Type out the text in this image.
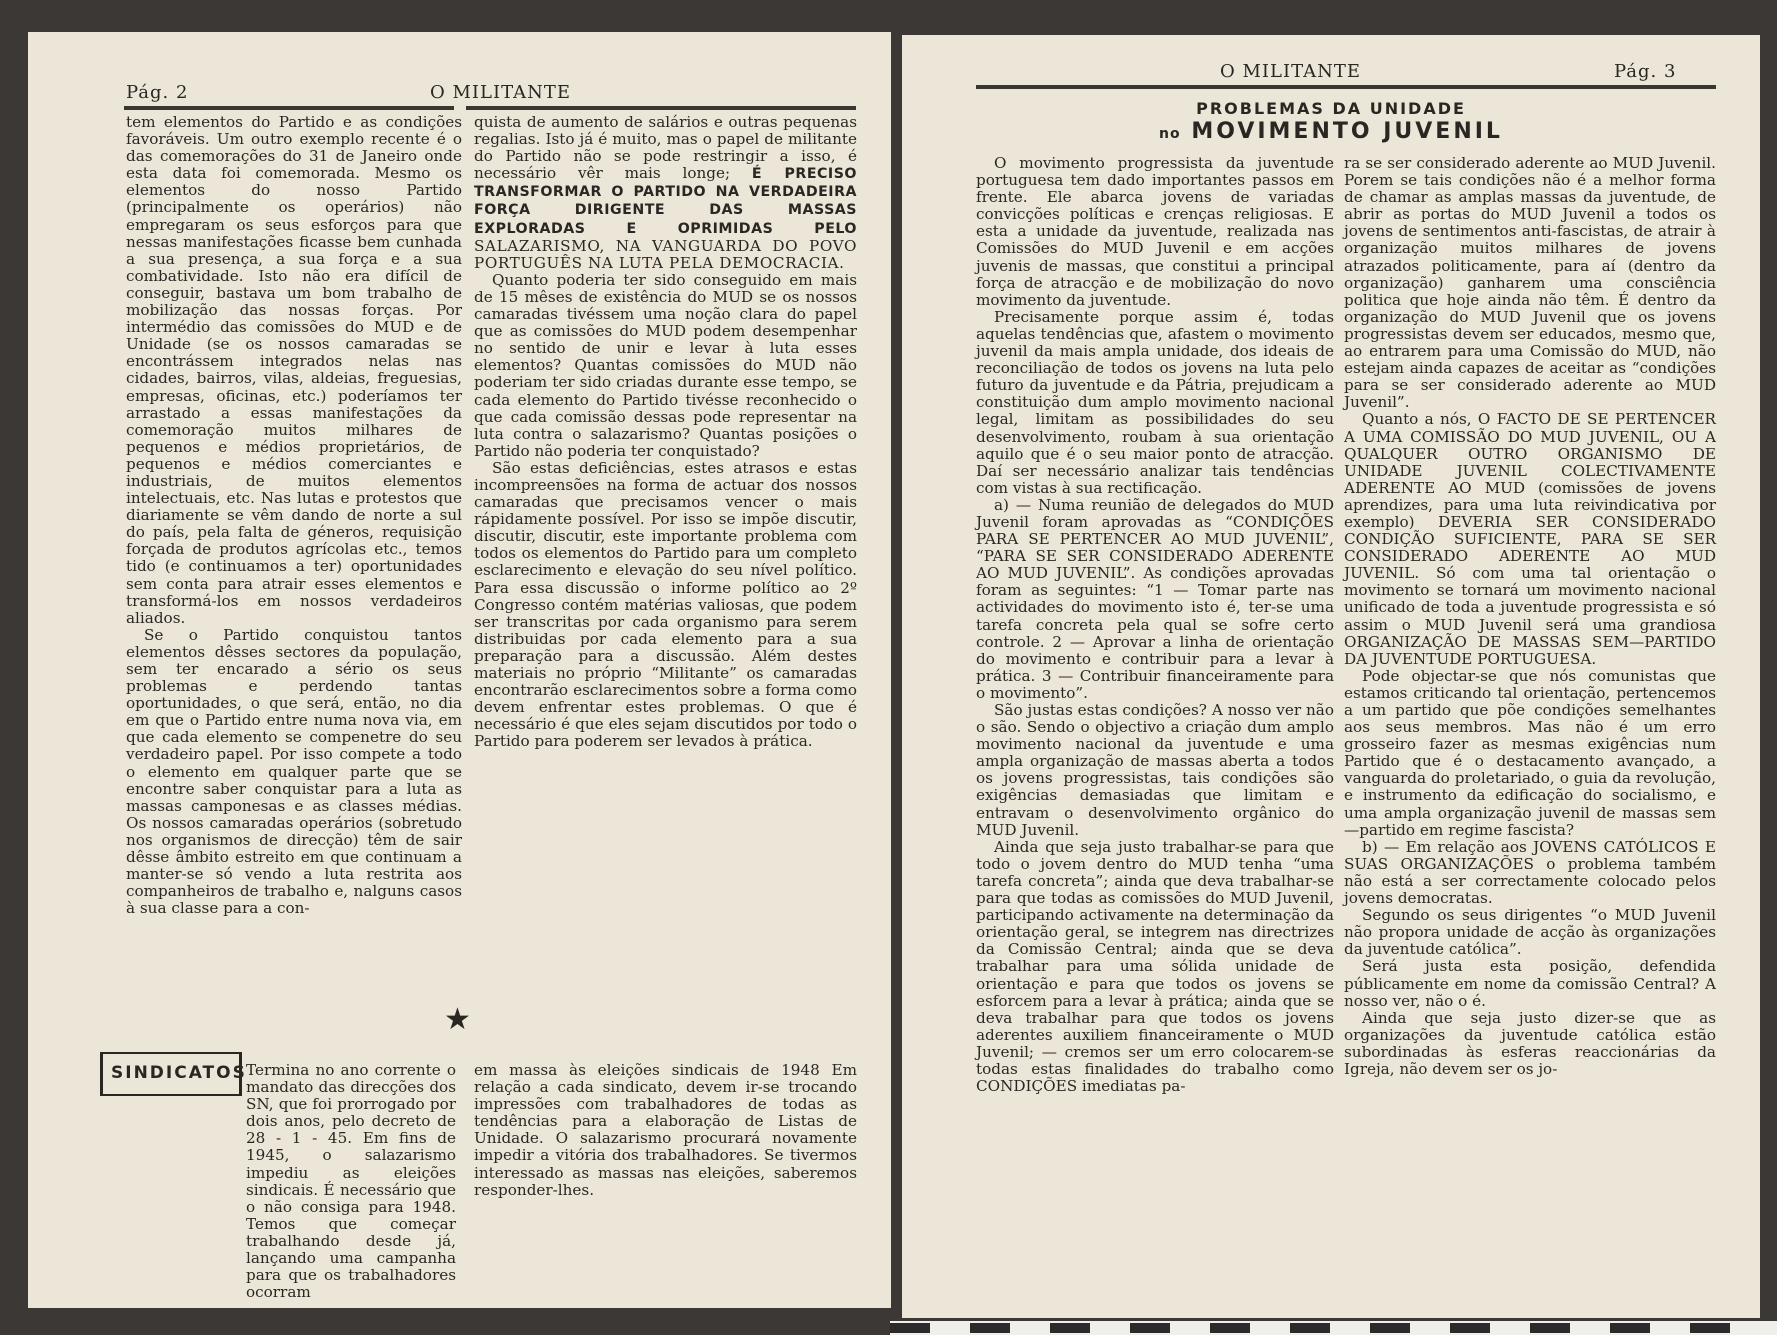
Pág. 2	O MILITANTE

tem elementos do Partido e as condições favoráveis. Um outro exemplo recente é o das comemorações do 31 de Janeiro onde esta data foi comemorada. Mesmo os elementos do nosso Partido (principalmente os operários) não empregaram os seus esforços para que nessas manifestações ficasse bem cunhada a sua presença, a sua força e a sua combatividade. Isto não era difícil de conseguir, bastava um bom trabalho de mobilização das nossas forças. Por intermédio das comissões do MUD e de Unidade (se os nossos camaradas se encontrássem integrados nelas nas cidades, bairros, vilas, aldeias, freguesias, empresas, oficinas, etc.) poderíamos ter arrastado a essas manifestações da comemoração muitos milhares de pequenos e médios proprietários, de pequenos e médios comerciantes e industriais, de muitos elementos intelectuais, etc. Nas lutas e protestos que diariamente se vêm dando de norte a sul do país, pela falta de géneros, requisição forçada de produtos agrícolas etc., temos tido (e continuamos a ter) oportunidades sem conta para atrair esses elementos e transformá-los em nossos verdadeiros aliados.

Se o Partido conquistou tantos elementos dêsses sectores da população, sem ter encarado a sério os seus problemas e perdendo tantas oportunidades, o que será, então, no dia em que o Partido entre numa nova via, em que cada elemento se compenetre do seu verdadeiro papel. Por isso compete a todo o elemento em qualquer parte que se encontre saber conquistar para a luta as massas camponesas e as classes médias. Os nossos camaradas operários (sobretudo nos organismos de direcção) têm de sair dêsse âmbito estreito em que continuam a manter-se só vendo a luta restrita aos companheiros de trabalho e, nalguns casos à sua classe para a con-

quista de aumento de salários e outras pequenas regalias. Isto já é muito, mas o papel de militante do Partido não se pode restringir a isso, é necessário vêr mais longe; É PRECISO TRANSFORMAR O PARTIDO NA VERDADEIRA FORÇA DIRIGENTE DAS MASSAS EXPLORADAS E OPRIMIDAS PELO SALAZARISMO, NA VANGUARDA DO POVO PORTUGUÊS NA LUTA PELA DEMOCRACIA.

Quanto poderia ter sido conseguido em mais de 15 mêses de existência do MUD se os nossos camaradas tivéssem uma noção clara do papel que as comissões do MUD podem desempenhar no sentido de unir e levar à luta esses elementos? Quantas comissões do MUD não poderiam ter sido criadas durante esse tempo, se cada elemento do Partido tivésse reconhecido o que cada comissão dessas pode representar na luta contra o salazarismo? Quantas posições o Partido não poderia ter conquistado?

São estas deficiências, estes atrasos e estas incompreensões na forma de actuar dos nossos camaradas que precisamos vencer o mais rápidamente possível. Por isso se impõe discutir, discutir, discutir, este importante problema com todos os elementos do Partido para um completo esclarecimento e elevação do seu nível político. Para essa discussão o informe político ao 2º Congresso contém matérias valiosas, que podem ser transcritas por cada organismo para serem distribuidas por cada elemento para a sua preparação para a discussão. Além destes materiais no próprio “Militante” os camaradas encontrarão esclarecimentos sobre a forma como devem enfrentar estes problemas. O que é necessário é que eles sejam discutidos por todo o Partido para poderem ser levados à prática.

★
SINDICATOS Termina no ano corrente o mandato das direcções dos SN, que foi prorrogado por dois anos, pelo decreto de 28 - 1 - 45. Em fins de 1945, o salazarismo impediu as eleições sindicais. É necessário que o não consiga para 1948. Temos que começar trabalhando desde já, lançando uma campanha para que os trabalhadores ocorram

em massa às eleições sindicais de 1948 Em relação a cada sindicato, devem ir-se trocando impressões com trabalhadores de todas as tendências para a elaboração de Listas de Unidade. O salazarismo procurará novamente impedir a vitória dos trabalhadores. Se tivermos interessado as massas nas eleições, saberemos responder-lhes.

O MILITANTE	Pág. 3
PROBLEMAS DA UNIDADE
no MOVIMENTO JUVENIL

O movimento progressista da juventude portuguesa tem dado importantes passos em frente. Ele abarca jovens de variadas convicções políticas e crenças religiosas. E esta a unidade da juventude, realizada nas Comissões do MUD Juvenil e em acções juvenis de massas, que constitui a principal força de atracção e de mobilização do novo movimento da juventude.

Precisamente porque assim é, todas aquelas tendências que, afastem o movimento juvenil da mais ampla unidade, dos ideais de reconciliação de todos os jovens na luta pelo futuro da juventude e da Pátria, prejudicam a constituição dum amplo movimento nacional legal, limitam as possibilidades do seu desenvolvimento, roubam à sua orientação aquilo que é o seu maior ponto de atracção. Daí ser necessário analizar tais tendências com vistas à sua rectificação.

a) — Numa reunião de delegados do MUD Juvenil foram aprovadas as “CONDIÇÕES PARA SE PERTENCER AO MUD JUVENIL”, “PARA SE SER CONSIDERADO ADERENTE AO MUD JUVENIL”. As condições aprovadas foram as seguintes: “1 — Tomar parte nas actividades do movimento isto é, ter-se uma tarefa concreta pela qual se sofre certo controle. 2 — Aprovar a linha de orientação do movimento e contribuir para a levar à prática. 3 — Contribuir financeiramente para o movimento”.

São justas estas condições? A nosso ver não o são. Sendo o objectivo a criação dum amplo movimento nacional da juventude e uma ampla organização de massas aberta a todos os jovens progressistas, tais condições são exigências demasiadas que limitam e entravam o desenvolvimento orgânico do MUD Juvenil.

Ainda que seja justo trabalhar-se para que todo o jovem dentro do MUD tenha “uma tarefa concreta”; ainda que deva trabalhar-se para que todas as comissões do MUD Juvenil, participando activamente na determinação da orientação geral, se integrem nas directrizes da Comissão Central; ainda que se deva trabalhar para uma sólida unidade de orientação e para que todos os jovens se esforcem para a levar à prática; ainda que se deva trabalhar para que todos os jovens aderentes auxiliem financeiramente o MUD Juvenil; — cremos ser um erro colocarem-se todas estas finalidades do trabalho como CONDIÇÕES imediatas pa-

ra se ser considerado aderente ao MUD Juvenil. Porem se tais condições não é a melhor forma de chamar as amplas massas da juventude, de abrir as portas do MUD Juvenil a todos os jovens de sentimentos anti-fascistas, de atrair à organização muitos milhares de jovens atrazados politicamente, para aí (dentro da organização) ganharem uma consciência politica que hoje ainda não têm. É dentro da organização do MUD Juvenil que os jovens progressistas devem ser educados, mesmo que, ao entrarem para uma Comissão do MUD, não estejam ainda capazes de aceitar as “condições para se ser considerado aderente ao MUD Juvenil”.

Quanto a nós, O FACTO DE SE PERTENCER A UMA COMISSÃO DO MUD JUVENIL, OU A QUALQUER OUTRO ORGANISMO DE UNIDADE JUVENIL COLECTIVAMENTE ADERENTE AO MUD (comissões de jovens aprendizes, para uma luta reivindicativa por exemplo) DEVERIA SER CONSIDERADO CONDIÇÃO SUFICIENTE, PARA SE SER CONSIDERADO ADERENTE AO MUD JUVENIL. Só com uma tal orientação o movimento se tornará um movimento nacional unificado de toda a juventude progressista e só assim o MUD Juvenil será uma grandiosa ORGANIZAÇÃO DE MASSAS SEM—PARTIDO DA JUVENTUDE PORTUGUESA.

Pode objectar-se que nós comunistas que estamos criticando tal orientação, pertencemos a um partido que põe condições semelhantes aos seus membros. Mas não é um erro grosseiro fazer as mesmas exigências num Partido que é o destacamento avançado, a vanguarda do proletariado, o guia da revolução, e instrumento da edificação do socialismo, e uma ampla organização juvenil de massas sem—partido em regime fascista?

b) — Em relação aos JOVENS CATÓLICOS E SUAS ORGANIZAÇÕES o problema também não está a ser correctamente colocado pelos jovens democratas.

Segundo os seus dirigentes “o MUD Juvenil não propora unidade de acção às organizações da juventude católica”.

Será justa esta posição, defendida públicamente em nome da comissão Central? A nosso ver, não o é.

Ainda que seja justo dizer-se que as organizações da juventude católica estão subordinadas às esferas reaccionárias da Igreja, não devem ser os jo-
